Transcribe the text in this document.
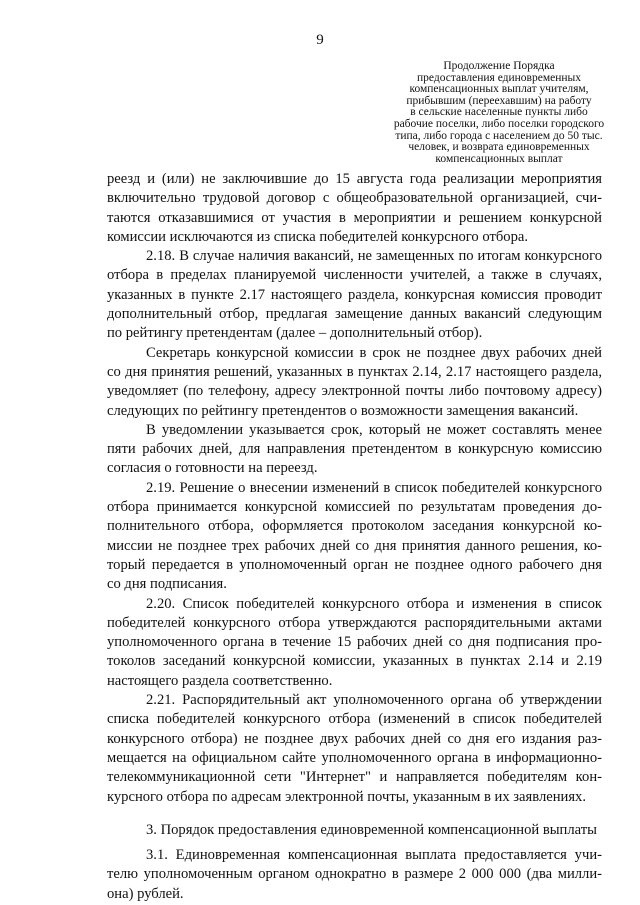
9
Продолжение Порядка
предоставления единовременных
компенсационных выплат учителям,
прибывшим (переехавшим) на работу
в сельские населенные пункты либо
рабочие поселки, либо поселки городского
типа, либо города с населением до 50 тыс.
человек, и возврата единовременных
компенсационных выплат
реезд и (или) не заключившие до 15 августа года реализации мероприятия
включительно трудовой договор с общеобразовательной организацией, счи-
таются отказавшимися от участия в мероприятии и решением конкурсной
комиссии исключаются из списка победителей конкурсного отбора.
2.18. В случае наличия вакансий, не замещенных по итогам конкурсного
отбора в пределах планируемой численности учителей, а также в случаях,
указанных в пункте 2.17 настоящего раздела, конкурсная комиссия проводит
дополнительный отбор, предлагая замещение данных вакансий следующим
по рейтингу претендентам (далее – дополнительный отбор).
Секретарь конкурсной комиссии в срок не позднее двух рабочих дней
со дня принятия решений, указанных в пунктах 2.14, 2.17 настоящего раздела,
уведомляет (по телефону, адресу электронной почты либо почтовому адресу)
следующих по рейтингу претендентов о возможности замещения вакансий.
В уведомлении указывается срок, который не может составлять менее
пяти рабочих дней, для направления претендентом в конкурсную комиссию
согласия о готовности на переезд.
2.19. Решение о внесении изменений в список победителей конкурсного
отбора принимается конкурсной комиссией по результатам проведения до-
полнительного отбора, оформляется протоколом заседания конкурсной ко-
миссии не позднее трех рабочих дней со дня принятия данного решения, ко-
торый передается в уполномоченный орган не позднее одного рабочего дня
со дня подписания.
2.20. Список победителей конкурсного отбора и изменения в список
победителей конкурсного отбора утверждаются распорядительными актами
уполномоченного органа в течение 15 рабочих дней со дня подписания про-
токолов заседаний конкурсной комиссии, указанных в пунктах 2.14 и 2.19
настоящего раздела соответственно.
2.21. Распорядительный акт уполномоченного органа об утверждении
списка победителей конкурсного отбора (изменений в список победителей
конкурсного отбора) не позднее двух рабочих дней со дня его издания раз-
мещается на официальном сайте уполномоченного органа в информационно-
телекоммуникационной сети "Интернет" и направляется победителям кон-
курсного отбора по адресам электронной почты, указанным в их заявлениях.
3. Порядок предоставления единовременной компенсационной выплаты
3.1. Единовременная компенсационная выплата предоставляется учи-
телю уполномоченным органом однократно в размере 2 000 000 (два милли-
она) рублей.
